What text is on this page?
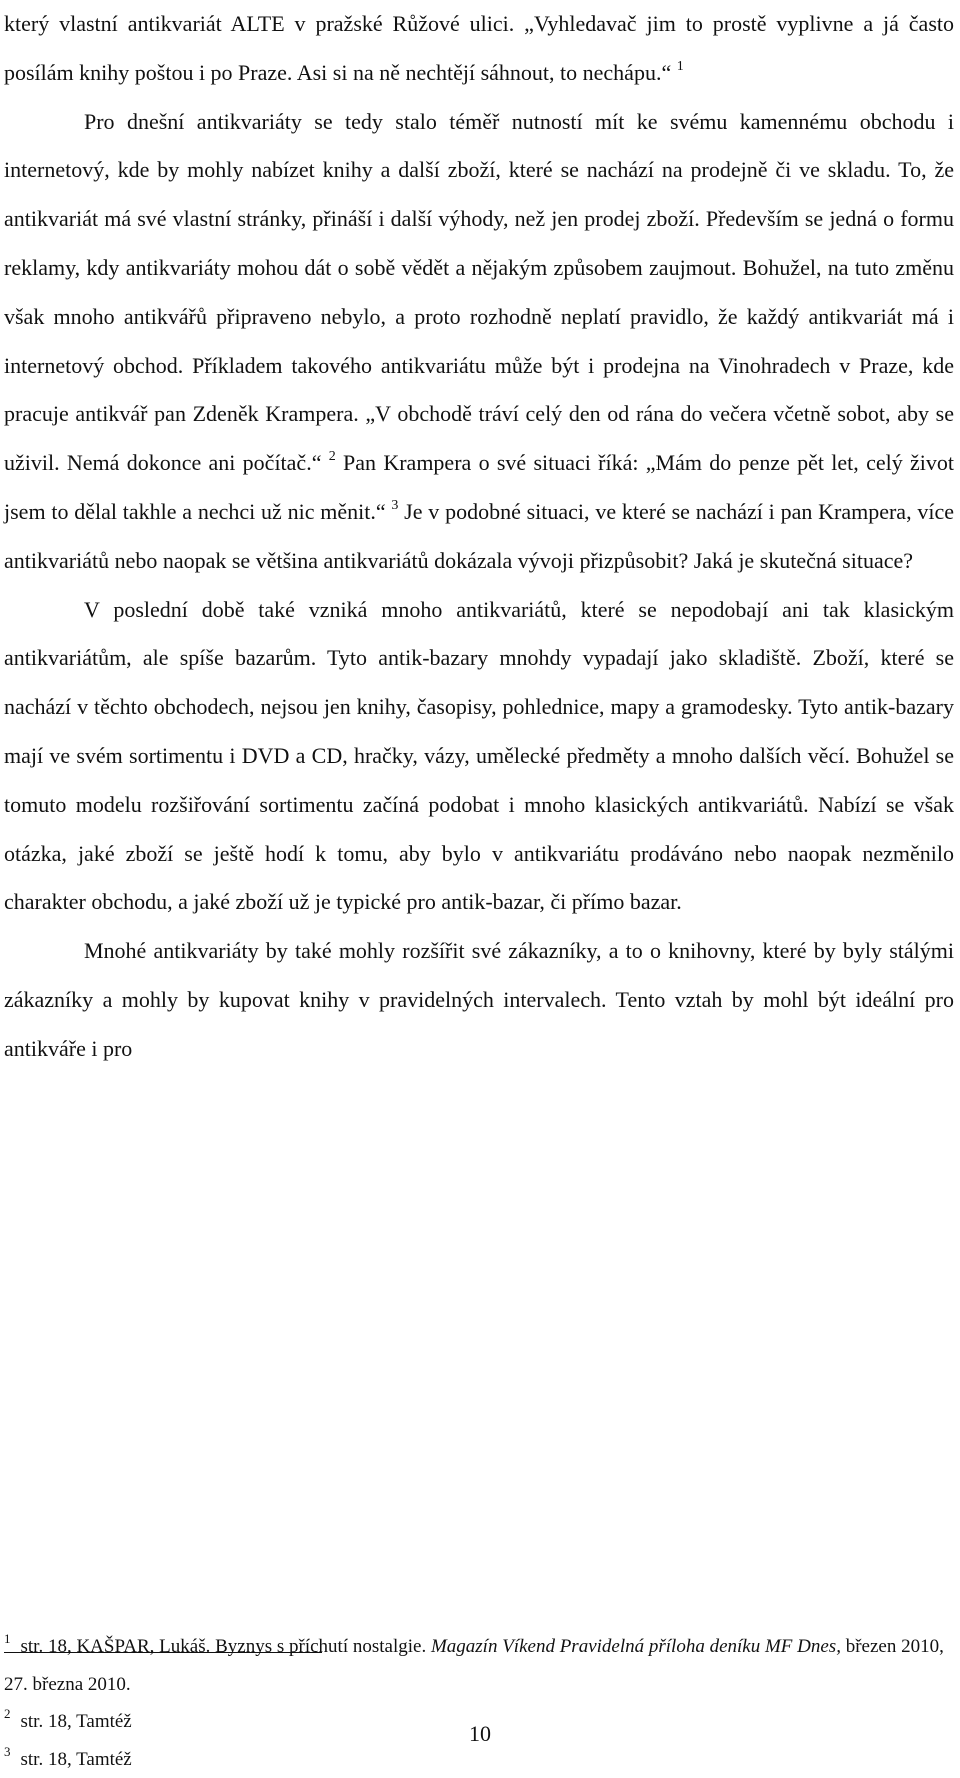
který vlastní antikvariát ALTE v pražské Růžové ulici. „Vyhledavač jim to prostě vyplivne a já často posílám knihy poštou i po Praze. Asi si na ně nechtějí sáhnout, to nechápu.“ $^1$

Pro dnešní antikvariáty se tedy stalo téměř nutností mít ke svému kamennému obchodu i internetový, kde by mohly nabízet knihy a další zboží, které se nachází na prodejně či ve skladu. To, že antikvariát má své vlastní stránky, přináší i další výhody, než jen prodej zboží. Především se jedná o formu reklamy, kdy antikvariáty mohou dát o sobě vědět a nějakým způsobem zaujmout. Bohužel, na tuto změnu však mnoho antikvářů připraveno nebylo, a proto rozhodně neplatí pravidlo, že každý antikvariát má i internetový obchod. Příkladem takového antikvariátu může být i prodejna na Vinohradech v Praze, kde pracuje antikvář pan Zdeněk Krampera. „V obchodě tráví celý den od rána do večera včetně sobot, aby se uživil. Nemá dokonce ani počítač.“ $^2$ Pan Krampera o své situaci říká: „Mám do penze pět let, celý život jsem to dělal takhle a nechci už nic měnit.“ $^3$ Je v podobné situaci, ve které se nachází i pan Krampera, více antikvariátů nebo naopak se většina antikvariátů dokázala vývoji přizpůsobit? Jaká je skutečná situace?

V poslední době také vzniká mnoho antikvariátů, které se nepodobají ani tak klasickým antikvariátům, ale spíše bazarům. Tyto antik-bazary mnohdy vypadají jako skladiště. Zboží, které se nachází v těchto obchodech, nejsou jen knihy, časopisy, pohlednice, mapy a gramodesky. Tyto antik-bazary mají ve svém sortimentu i DVD a CD, hračky, vázy, umělecké předměty a mnoho dalších věcí. Bohužel se tomuto modelu rozšiřování sortimentu začíná podobat i mnoho klasických antikvariátů. Nabízí se však otázka, jaké zboží se ještě hodí k tomu, aby bylo v antikvariátu prodáváno nebo naopak nezměnilo charakter obchodu, a jaké zboží už je typické pro antik-bazar, či přímo bazar.

Mnohé antikvariáty by také mohly rozšířit své zákazníky, a to o knihovny, které by byly stálými zákazníky a mohly by kupovat knihy v pravidelných intervalech. Tento vztah by mohl být ideální pro antikváře i pro

$^1$ str. 18, KAŠPAR, Lukáš. Byznys s příchutí nostalgie. Magazín Víkend Pravidelná příloha deníku MF Dnes, březen 2010, 27. března 2010.

$^2$ str. 18, Tamtéž

$^3$ str. 18, Tamtéž

10
